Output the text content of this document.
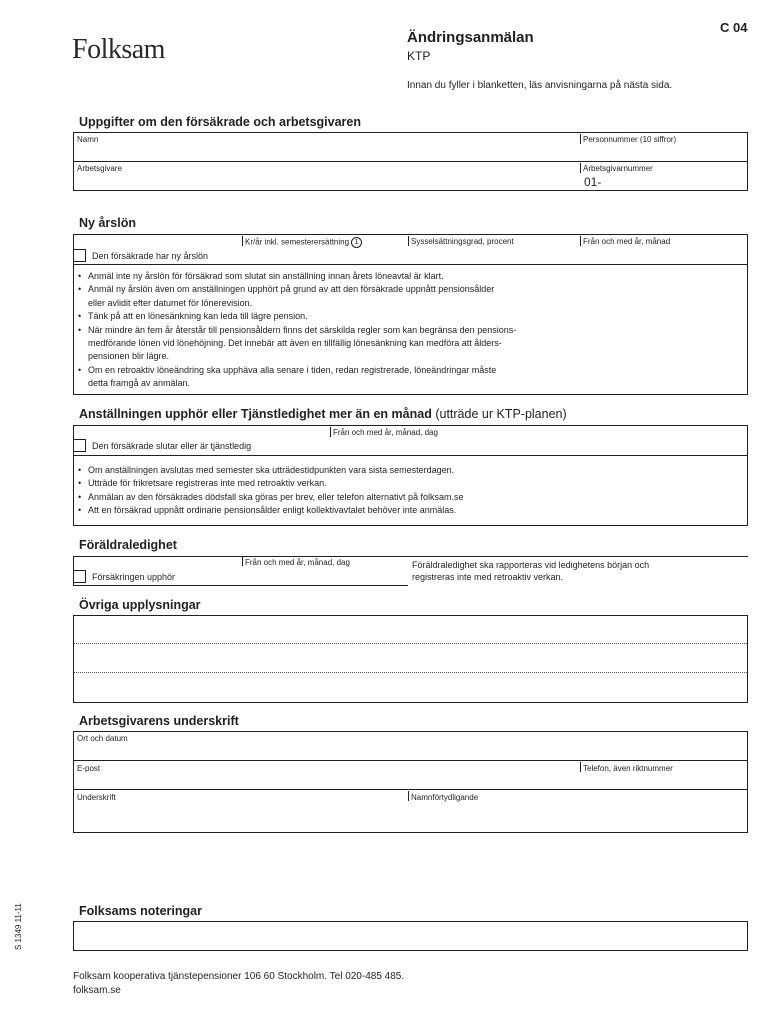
Folksam
C 04
Ändringsanmälan
KTP
Innan du fyller i blanketten, läs anvisningarna på nästa sida.
Uppgifter om den försäkrade och arbetsgivaren
Namn	Personnummer (10 siffror)
Arbetsgivare	Arbetsgivarnummer
01-
Ny årslön
Kr/år inkl. semesterersättning 1	Sysselsättningsgrad, procent	Från och med år, månad
Den försäkrade har ny årslön
• Anmäl inte ny årslön för försäkrad som slutat sin anställning innan årets löneavtal är klart.
• Anmäl ny årslön även om anställningen upphört på grund av att den försäkrade uppnått pensionsålder
eller avlidit efter datumet för lönerevision.
• Tänk på att en lönesänkning kan leda till lägre pension.
• När mindre än fem år återstår till pensionsåldern finns det särskilda regler som kan begränsa den pensions-
medförande lönen vid lönehöjning. Det innebär att även en tillfällig lönesänkning kan medföra att ålders-
pensionen blir lägre.
• Om en retroaktiv löneändring ska upphäva alla senare i tiden, redan registrerade, löneändringar måste
detta framgå av anmälan.
Anställningen upphör eller Tjänstledighet mer än en månad (utträde ur KTP-planen)
Från och med år, månad, dag
Den försäkrade slutar eller är tjänstledig
• Om anställningen avslutas med semester ska utträdestidpunkten vara sista semesterdagen.
• Utträde för frikretsare registreras inte med retroaktiv verkan.
• Anmälan av den försäkrades dödsfall ska göras per brev, eller telefon alternativt på folksam.se
• Att en försäkrad uppnått ordinarie pensionsålder enligt kollektivavtalet behöver inte anmälas.
Föräldraledighet
Från och med år, månad, dag
Försäkringen upphör
Föräldraledighet ska rapporteras vid ledighetens början och
registreras inte med retroaktiv verkan.
Övriga upplysningar
Arbetsgivarens underskrift
Ort och datum
E-post	Telefon, även riktnummer
Underskrift	Namnförtydligande
Folksams noteringar
S 1349 11-11
Folksam kooperativa tjänstepensioner 106 60 Stockholm. Tel 020-485 485.
folksam.se
